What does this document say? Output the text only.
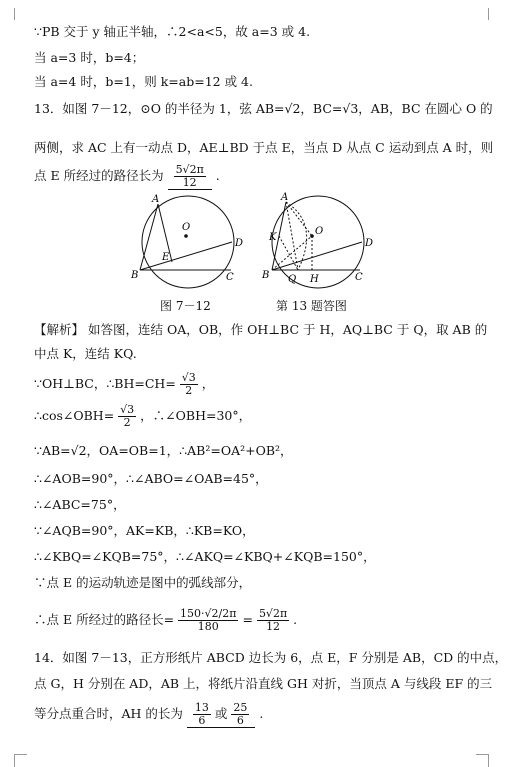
∵PB 交于 y 轴正半轴，∴2<a<5，故 a=3 或 4.
当 a=3 时，b=4；
当 a=4 时，b=1，则 k=ab=12 或 4.
13．如图 7－12，⊙O 的半径为 1，弦 AB=√2，BC=√3，AB，BC 在圆心 O 的
两侧，求 AC 上有一动点 D，AE⊥BD 于点 E，当点 D 从点 C 运动到点 A 时，则
点 E 所经过的路径长为 $\frac{5√2\pi}{12}$ .
A
B	C
D
E
O
A
K
B Q H	C
D
O
图 7－12	第 13 题答图
【解析】 如答图，连结 OA，OB，作 OH⊥BC 于 H，AQ⊥BC 于 Q，取 AB 的
中点 K，连结 KQ.
∵OH⊥BC，∴BH=CH= $\frac{√3}{2}$ ，
∴cos∠OBH= $\frac{√3}{2}$ ，∴∠OBH=30°，
∵AB=√2，OA=OB=1，∴AB²=OA²+OB²，
∴∠AOB=90°，∴∠ABO=∠OAB=45°，
∴∠ABC=75°，
∵∠AQB=90°，AK=KB，∴KB=KO，
∴∠KBQ=∠KQB=75°，∴∠AKQ=∠KBQ+∠KQB=150°，
∵点 E 的运动轨迹是图中的弧线部分，
∴点 E 所经过的路径长= $\frac{150\cdot√2/2\pi}{180} = \frac{5√2\pi}{12}$ .
14．如图 7－13，正方形纸片 ABCD 边长为 6，点 E，F 分别是 AB，CD 的中点，
点 G，H 分别在 AD，AB 上，将纸片沿直线 GH 对折，当顶点 A 与线段 EF 的三
等分点重合时，AH 的长为 $\frac{13}{6}$ 或 $\frac{25}{6}$ .
